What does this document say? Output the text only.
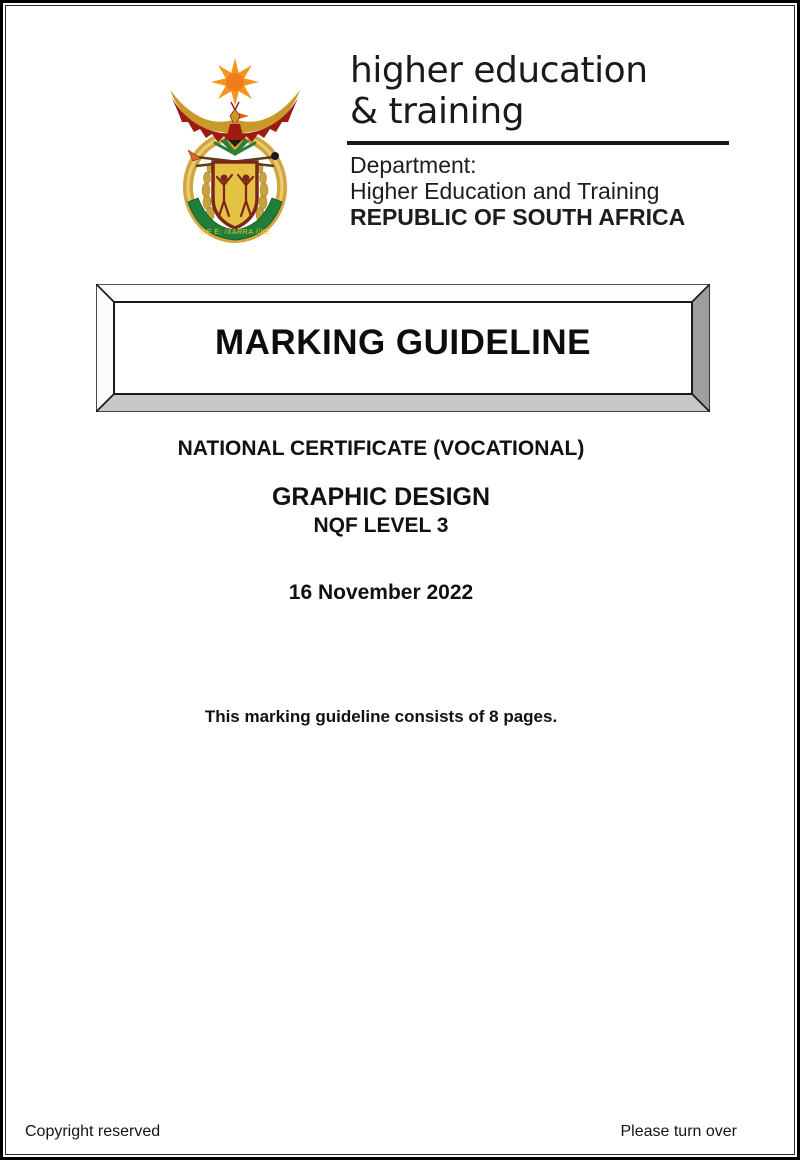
!KE E: /XARRA //KE
higher education
& training
Department:
Higher Education and Training
REPUBLIC OF SOUTH AFRICA
MARKING GUIDELINE
NATIONAL CERTIFICATE (VOCATIONAL)
GRAPHIC DESIGN
NQF LEVEL 3
16 November 2022
This marking guideline consists of 8 pages.
Copyright reserved	Please turn over
